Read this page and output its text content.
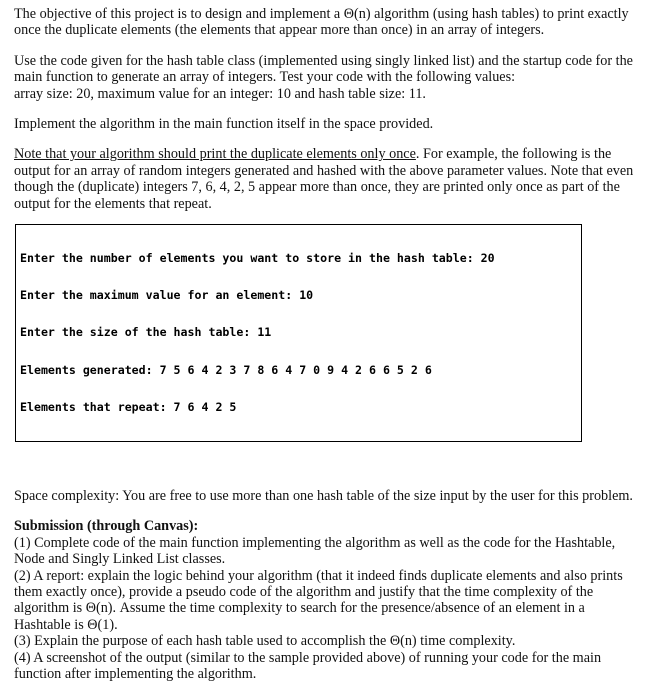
The objective of this project is to design and implement a Θ(n) algorithm (using hash tables) to print exactly once the duplicate elements (the elements that appear more than once) in an array of integers.

Use the code given for the hash table class (implemented using singly linked list) and the startup code for the main function to generate an array of integers. Test your code with the following values:

array size: 20, maximum value for an integer: 10 and hash table size: 11.

Implement the algorithm in the main function itself in the space provided.

Note that your algorithm should print the duplicate elements only once. For example, the following is the output for an array of random integers generated and hashed with the above parameter values. Note that even though the (duplicate) integers 7, 6, 4, 2, 5 appear more than once, they are printed only once as part of the output for the elements that repeat.

Enter the number of elements you want to store in the hash table: 20

Enter the maximum value for an element: 10

Enter the size of the hash table: 11

Elements generated: 7 5 6 4 2 3 7 8 6 4 7 0 9 4 2 6 6 5 2 6

Elements that repeat: 7 6 4 2 5

Space complexity: You are free to use more than one hash table of the size input by the user for this problem.

Submission (through Canvas):

(1) Complete code of the main function implementing the algorithm as well as the code for the Hashtable, Node and Singly Linked List classes.

(2) A report: explain the logic behind your algorithm (that it indeed finds duplicate elements and also prints them exactly once), provide a pseudo code of the algorithm and justify that the time complexity of the algorithm is Θ(n). Assume the time complexity to search for the presence/absence of an element in a Hashtable is Θ(1).

(3) Explain the purpose of each hash table used to accomplish the Θ(n) time complexity.

(4) A screenshot of the output (similar to the sample provided above) of running your code for the main function after implementing the algorithm.
